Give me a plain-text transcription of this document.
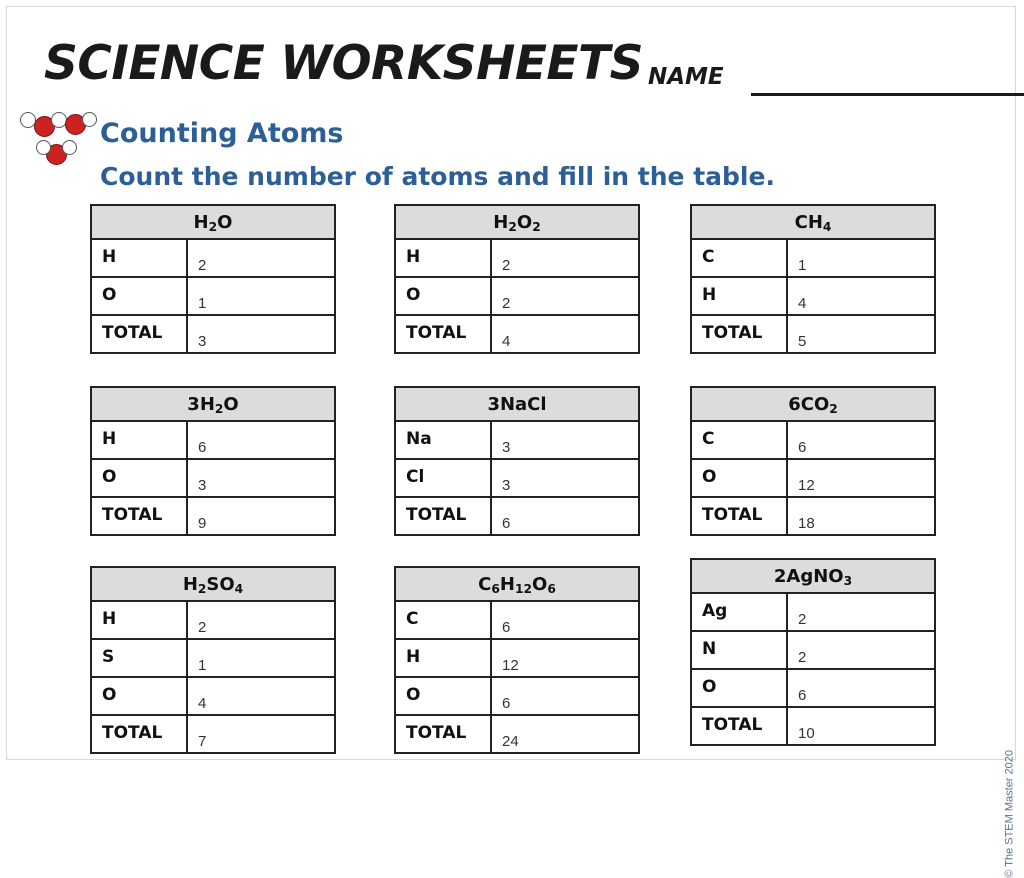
SCIENCE WORKSHEETS NAME
Counting Atoms
Count the number of atoms and fill in the table.
$H_2O$	
H	2
O	1
TOTAL	3
$H_2O_2$
H	2
O	2
TOTAL	4
$CH_4$
C	1
H	4
TOTAL	5
$3H_2O$	
H	6
O	3
TOTAL	9
3NaCl	
Na	3
Cl	3
TOTAL	6
$6CO_2$
C	6
O	12
TOTAL	18
$H_2SO_4$
H	2
S	1
O	4
TOTAL	7
$C_6H_{12}O_6$
C	6
H	12
O	6
TOTAL	24
2AgNO$_3$
Ag	2
N	2
O	6
TOTAL	10
© The STEM Master 2020
